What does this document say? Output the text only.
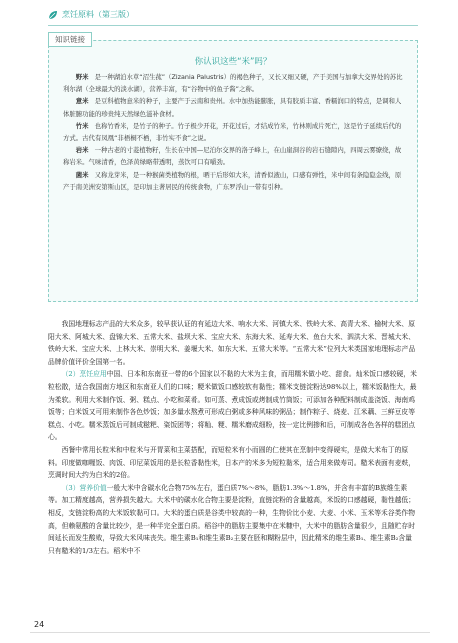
烹饪原料（第三版）
知识链接
你认识这些“米”吗？

野米 是一种湖泊水草“沼生菰”（Zizania Palustris）的褐色种子，又长又细又硬，产于美国与加拿大交界处的苏比利尔湖（全球最大的淡水湖），营养丰富，有“谷物中的鱼子酱”之称。

意米 是豆科植物意米的种子，主要产于云南和贵州。水中加热能膨胀，具有胶质丰富、香糯润口的特点，是调和人体脏腑功能的珍贵纯天然绿色滋补食材。

竹米 也称竹香米，是竹子的种子。竹子极少开花，开花过后，才结成竹米，竹林则成片死亡，这是竹子延续后代的方式。古代有凤凰“非梧桐不栖，非竹实不食”之说。

岩米 一种古老的寸菱植物籽，生长在中国—尼泊尔交界的洛子峰上，在山崖洞谷的岩石缝隙内，四周云雾缭绕，故称岩米。气味清香，色泽黄绿略带透明，蒸饮可口有嚼劲。

菌米 又称龙芽米，是一种猴菌类植物的根，晒干后形如大米，清香似液山，口感有弹性，米中间有条隐隐金线，原产于南美洲安第斯山区，是印加主著居民的传统食物，广东罗浮山一带有引种。

我国地理标志产品的大米众多，较早获认证的有延边大米、响水大米、河镇大米、铁岭大米、高青大米、榆树大米、原阳大米、阿城大米、盘锦大米、五常大米、盐坝大米、宝应大米、东海大米、延寿大米、鱼台大米、泗洪大米、晋城大米、铁岭大米、宝应大米、上林大米、崇明大米、姜堰大米、如东大米、五常大米等。“五常大米”位列大米类国家地理标志产品品牌价值评价全国第一名。

（2）烹饪应用中国、日本和东南亚一带的6个国家以不黏的大米为主食，而用糯米做小吃、甜食。灿米饭口感较硬，米粒松散，适合我国南方地区和东南亚人们的口味；粳米做饭口感较软有黏性；糯米支链淀粉达98%以上，糯米饭黏性大，最为柔软。利用大米制作饭、粥、糕点、小吃和菜肴。如可蒸、煮成饭或烤制成竹筒饭；可添加各种配料制成盖浇饭、海南鸡饭等；白米饭又可用来制作各色炒饭；加多量水熬煮可形成白粥或多种风味的粥品；制作粽子、烧麦、江米藕、三鲜豆皮等糕点、小吃。糯米蒸饭后可制成糍粑、粢饭团等；将籼、粳、糯米磨成细粉，按一定比例掺和后，可制成各色各样的糕团点心。

西餐中常用长粒米和中粒米与开胃菜和主菜搭配，而短粒米有小而圆的仁使其在烹制中变得硬实，是做大米布丁的原料。印度做咖喱饭、肉饭、印尼菜饭用的是长粒香黏性米，日本产的米多为短粒黏米，适合用来做寿司。糙米表面有麦麸，烹调时间大约为白米的2倍。

（3）营养价值一般大米中含碳水化合物75%左右，蛋白质7%～8%，脂肪1.3%～1.8%，并含有丰富的B族维生素等。加工精度越高，营养损失越大。大米中的碳水化合物主要是淀粉，直链淀粉的含量越高，米饭的口感越硬，黏性越低；相反，支链淀粉高的大米饭软黏可口。大米的蛋白质是谷类中较高的一种，生物价比小麦、大麦、小米、玉米等禾谷类作物高，但赖氨酸的含量比较少，是一种半完全蛋白质。稻谷中的脂肪主要集中在米糠中，大米中的脂肪含量很少，且随贮存时间延长而发生酸败，导致大米风味丧失。维生素B₁和维生素B₂主要在胚和糊粉层中，因此精米的维生素B₁、维生素B₂含量只有糙米的1/3左右。稻米中不

24
